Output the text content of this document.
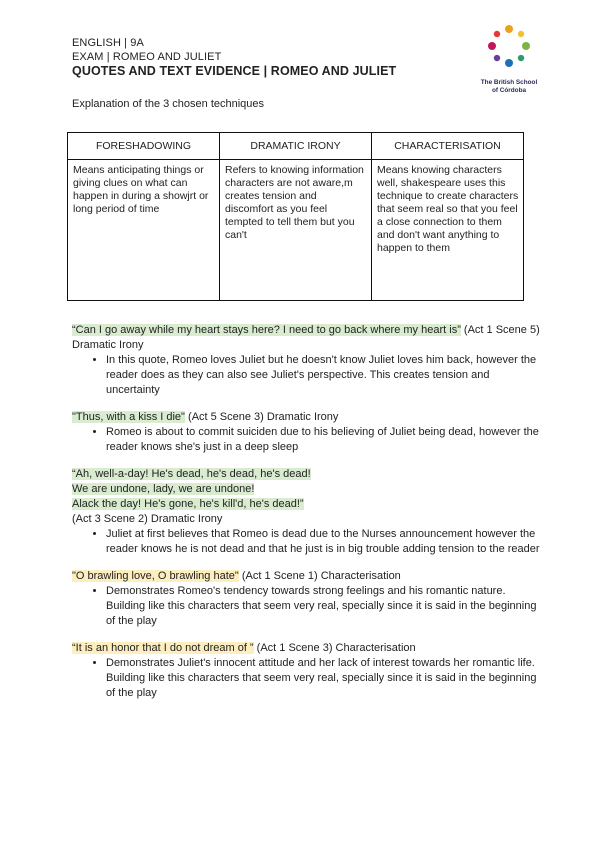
ENGLISH | 9A
EXAM | ROMEO AND JULIET
QUOTES AND TEXT EVIDENCE | ROMEO AND JULIET
The British School
of Córdoba
Explanation of the 3 chosen techniques
FORESHADOWING	DRAMATIC IRONY	CHARACTERISATION
Means anticipating things or giving clues on what can happen in during a showjrt or long period of time	Refers to knowing information characters are not aware,m creates tension and discomfort as you feel tempted to tell them but you can't	Means knowing characters well, shakespeare uses this technique to create characters that seem real so that you feel a close connection to them and don't want anything to happen to them
“Can I go away while my heart stays here? I need to go back where my heart is” (Act 1 Scene 5) Dramatic Irony
• In this quote, Romeo loves Juliet but he doesn't know Juliet loves him back, however the reader does as they can also see Juliet's perspective. This creates tension and uncertainty
"Thus, with a kiss I die" (Act 5 Scene 3) Dramatic Irony
• Romeo is about to commit suiciden due to his believing of Juliet being dead, however the reader knows she's just in a deep sleep
“Ah, well-a-day! He's dead, he's dead, he's dead!
We are undone, lady, we are undone!
Alack the day! He's gone, he's kill'd, he's dead!”
(Act 3 Scene 2) Dramatic Irony
• Juliet at first believes that Romeo is dead due to the Nurses announcement however the reader knows he is not dead and that he just is in big trouble adding tension to the reader
"O brawling love, O brawling hate" (Act 1 Scene 1) Characterisation
• Demonstrates Romeo's tendency towards strong feelings and his romantic nature. Building like this characters that seem very real, specially since it is said in the beginning of the play
“It is an honor that I do not dream of ” (Act 1 Scene 3) Characterisation
• Demonstrates Juliet's innocent attitude and her lack of interest towards her romantic life. Building like this characters that seem very real, specially since it is said in the beginning of the play
